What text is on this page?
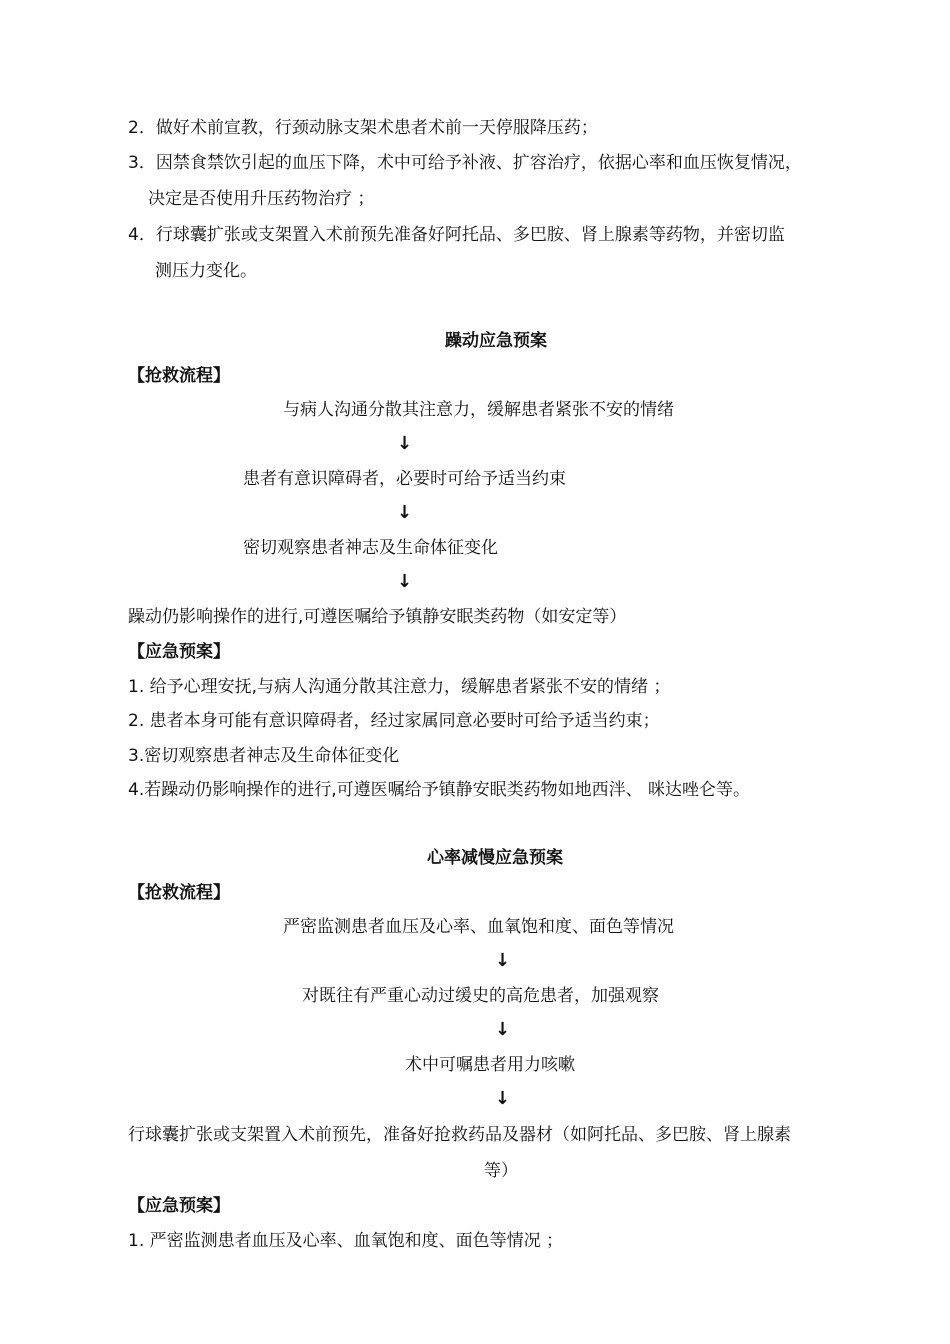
2．做好术前宣教，行颈动脉支架术患者术前一天停服降压药；
3．因禁食禁饮引起的血压下降，术中可给予补液、扩容治疗，依据心率和血压恢复情况，
决定是否使用升压药物治疗 ；
4．行球囊扩张或支架置入术前预先准备好阿托品、多巴胺、肾上腺素等药物，并密切监
测压力变化。
躁动应急预案
【抢救流程】
与病人沟通分散其注意力，缓解患者紧张不安的情绪
↓
患者有意识障碍者，必要时可给予适当约束
↓
密切观察患者神志及生命体征变化
↓
躁动仍影响操作的进行,可遵医嘱给予镇静安眠类药物（如安定等）
【应急预案】
1. 给予心理安抚,与病人沟通分散其注意力，缓解患者紧张不安的情绪 ；
2. 患者本身可能有意识障碍者，经过家属同意必要时可给予适当约束；
3.密切观察患者神志及生命体征变化
4.若躁动仍影响操作的进行,可遵医嘱给予镇静安眠类药物如地西泮、 咪达唑仑等。
心率减慢应急预案
【抢救流程】
严密监测患者血压及心率、血氧饱和度、面色等情况
↓
对既往有严重心动过缓史的高危患者，加强观察
↓
术中可嘱患者用力咳嗽
↓
行球囊扩张或支架置入术前预先，准备好抢救药品及器材（如阿托品、多巴胺、肾上腺素
等）
【应急预案】
1. 严密监测患者血压及心率、血氧饱和度、面色等情况 ；
